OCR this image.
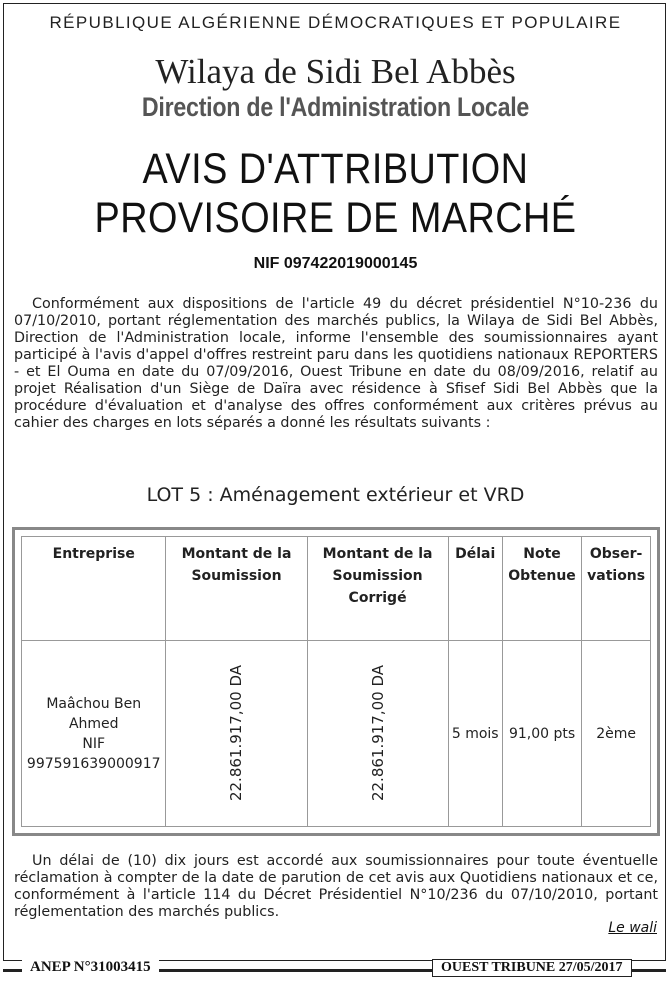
RÉPUBLIQUE ALGÉRIENNE DÉMOCRATIQUES ET POPULAIRE
Wilaya de Sidi Bel Abbès
Direction de l'Administration Locale
AVIS D'ATTRIBUTION
PROVISOIRE DE MARCHÉ
NIF 097422019000145
Conformément aux dispositions de l'article 49 du décret présidentiel N°10-236 du 07/10/2010, portant réglementation des marchés publics, la Wilaya de Sidi Bel Abbès, Direction de l'Administration locale, informe l'ensemble des soumissionnaires ayant participé à l'avis d'appel d'offres restreint paru dans les quotidiens nationaux REPORTERS - et El Ouma en date du 07/09/2016, Ouest Tribune en date du 08/09/2016, relatif au projet Réalisation d'un Siège de Daïra avec résidence à Sfisef Sidi Bel Abbès que la procédure d'évaluation et d'analyse des offres conformément aux critères prévus au cahier des charges en lots séparés a donné les résultats suivants :
LOT 5 : Aménagement extérieur et VRD
Entreprise	Montant de la Soumission	Montant de la Soumission Corrigé	Délai	Note Obtenue	Obser-vations

Maâchou Ben Ahmed
NIF
997591639000917	22.861.917,00 DA	22.861.917,00 DA	5 mois	91,00 pts	2ème
Un délai de (10) dix jours est accordé aux soumissionnaires pour toute éventuelle réclamation à compter de la date de parution de cet avis aux Quotidiens nationaux et ce, conformément à l'article 114 du Décret Présidentiel N°10/236 du 07/10/2010, portant réglementation des marchés publics.
Le wali
ANEP N°31003415	OUEST TRIBUNE 27/05/2017
